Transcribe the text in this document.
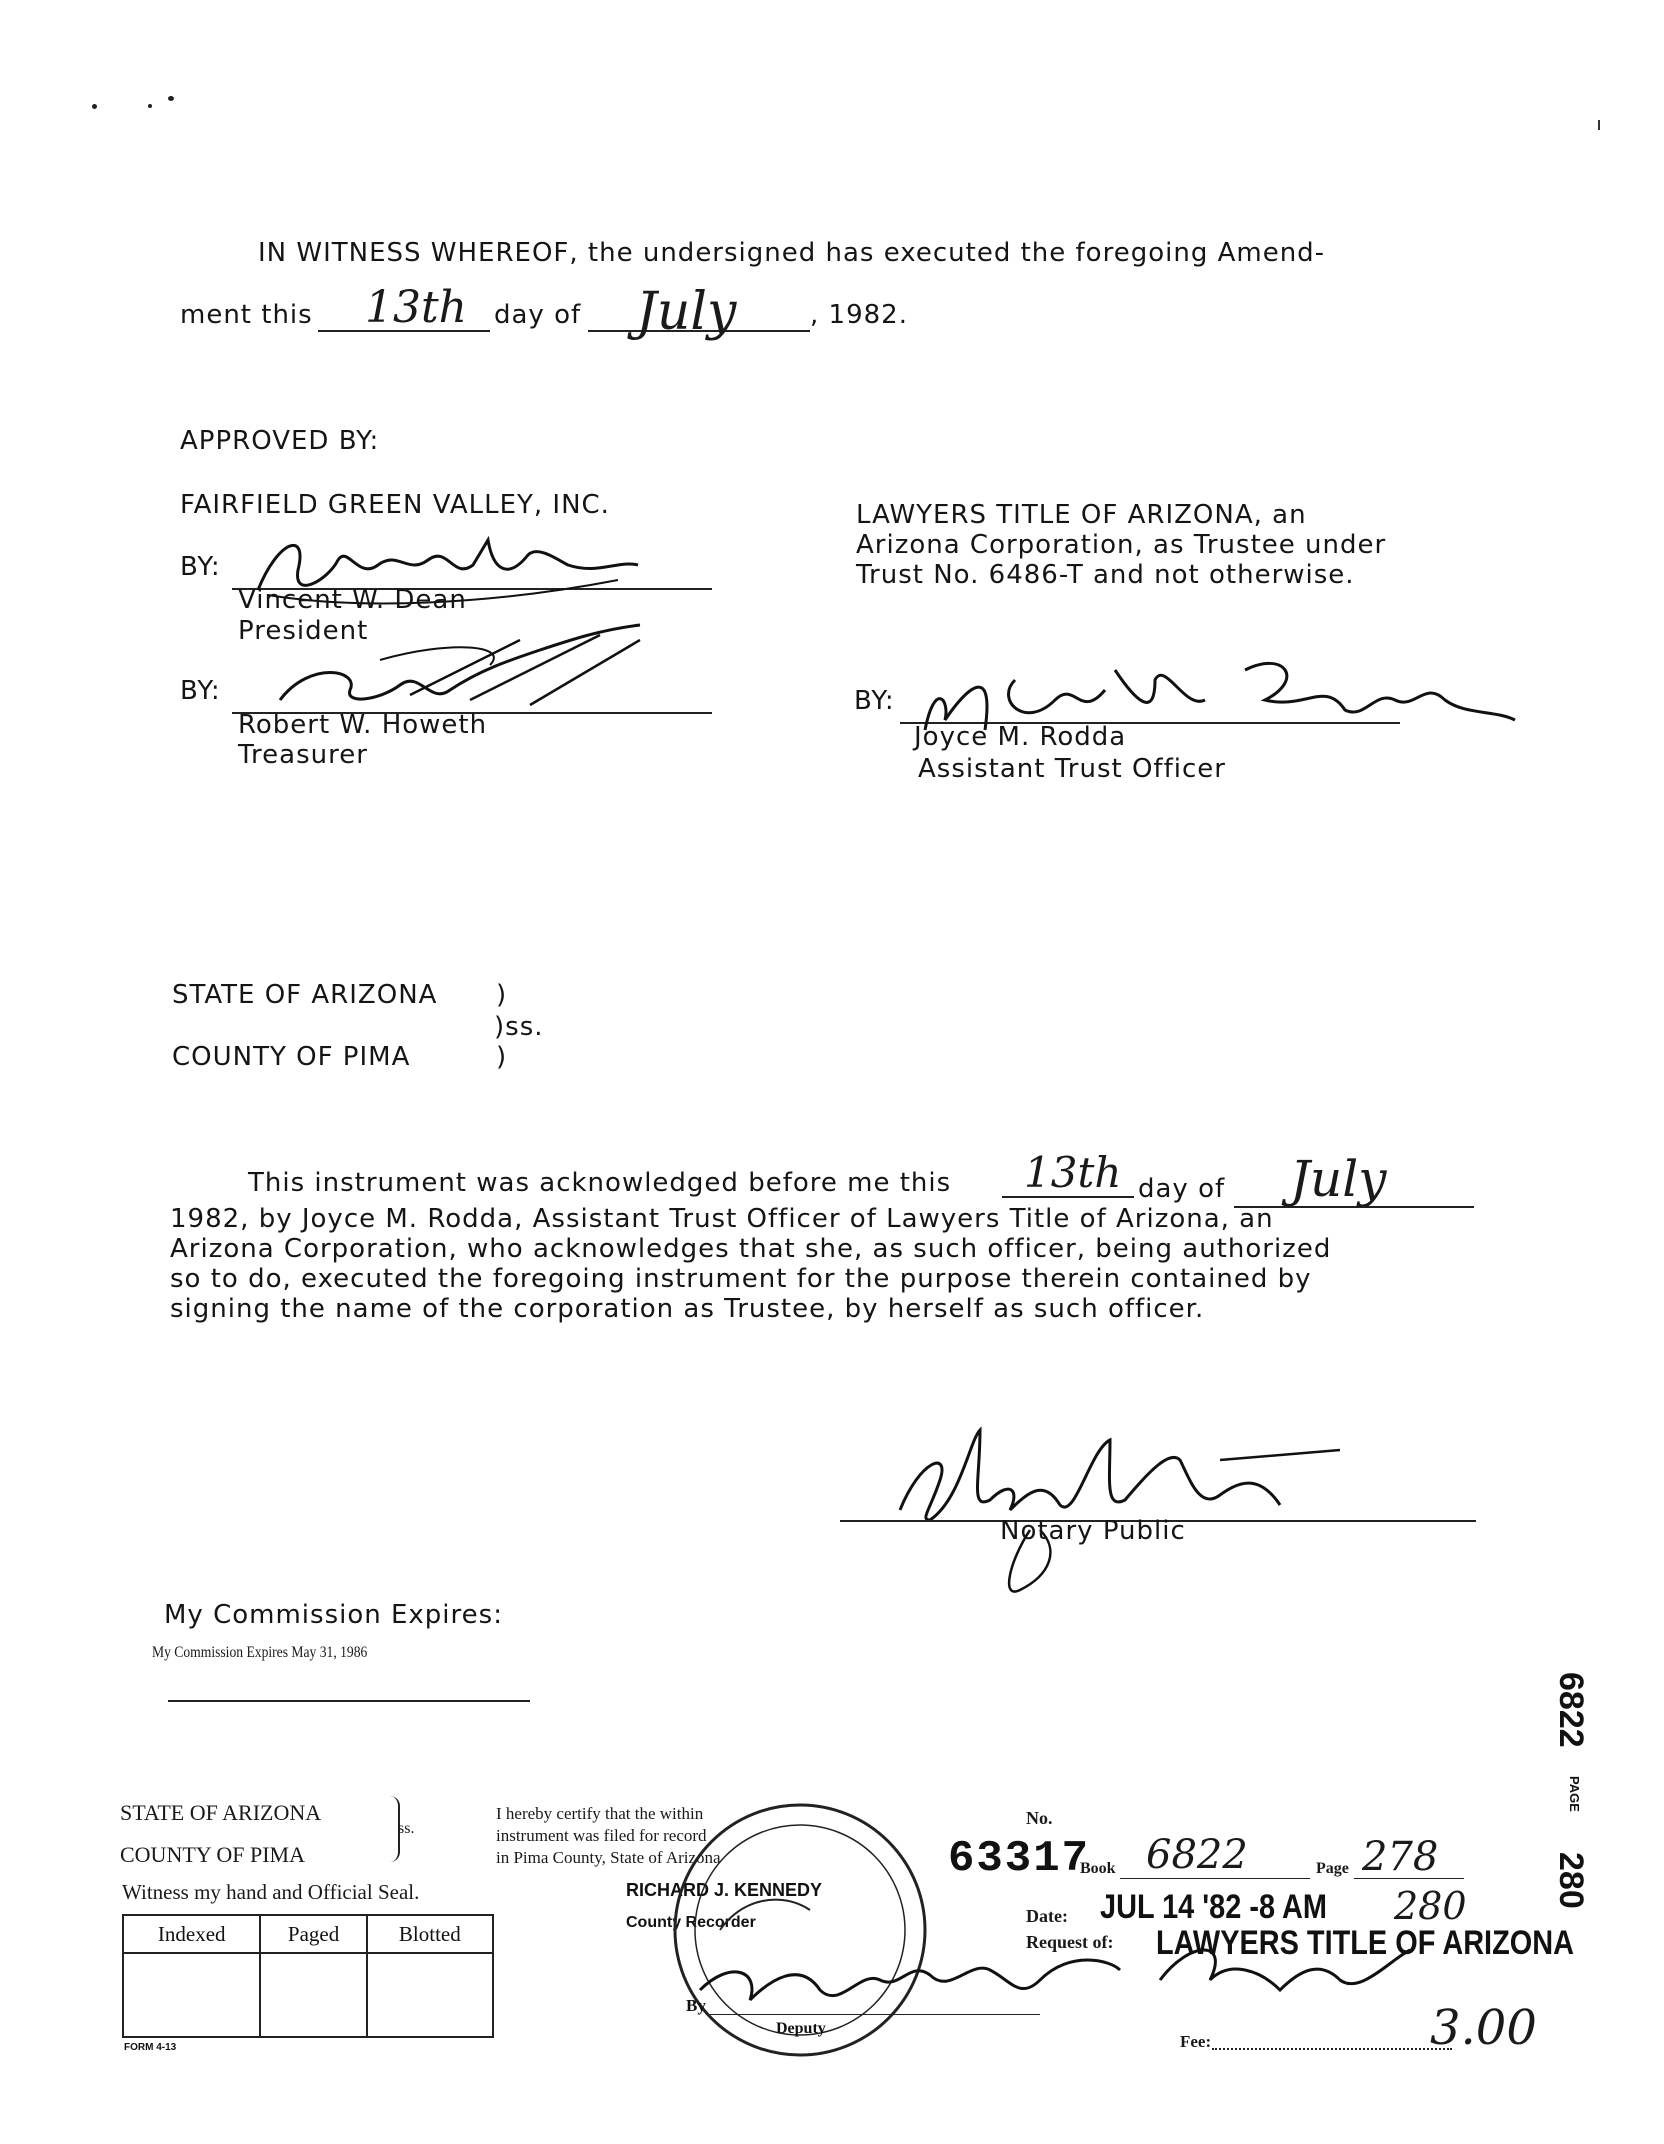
IN WITNESS WHEREOF, the undersigned has executed the foregoing Amend-
ment this 13th day of July	, 1982.
APPROVED BY:
FAIRFIELD GREEN VALLEY, INC.
BY:
Vincent W. Dean
President
BY:
Robert W. Howeth
Treasurer
LAWYERS TITLE OF ARIZONA, an
Arizona Corporation, as Trustee under
Trust No. 6486-T and not otherwise.
BY:
Joyce M. Rodda
Assistant Trust Officer
STATE OF ARIZONA )
)ss.
COUNTY OF PIMA	)
This instrument was acknowledged before me this 13th day of July
1982, by Joyce M. Rodda, Assistant Trust Officer of Lawyers Title of Arizona, an
Arizona Corporation, who acknowledges that she, as such officer, being authorized
so to do, executed the foregoing instrument for the purpose therein contained by
signing the name of the corporation as Trustee, by herself as such officer.
Notary Public
My Commission Expires:
My Commission Expires May 31, 1986
STATE OF ARIZONA
COUNTY OF PIMA
ss.
Witness my hand and Official Seal.
Indexed	Paged	Blotted

FORM 4-13
I hereby certify that the within
instrument was filed for record
in Pima County, State of Arizona
RICHARD J. KENNEDY
County Recorder
By
Deputy
No.
63317
Book 6822	Page 278
Date: JUL 14 '82 -8 AM 280
Request of: LAWYERS TITLE OF ARIZONA
Fee:	3.00
6822
PAGE
280
